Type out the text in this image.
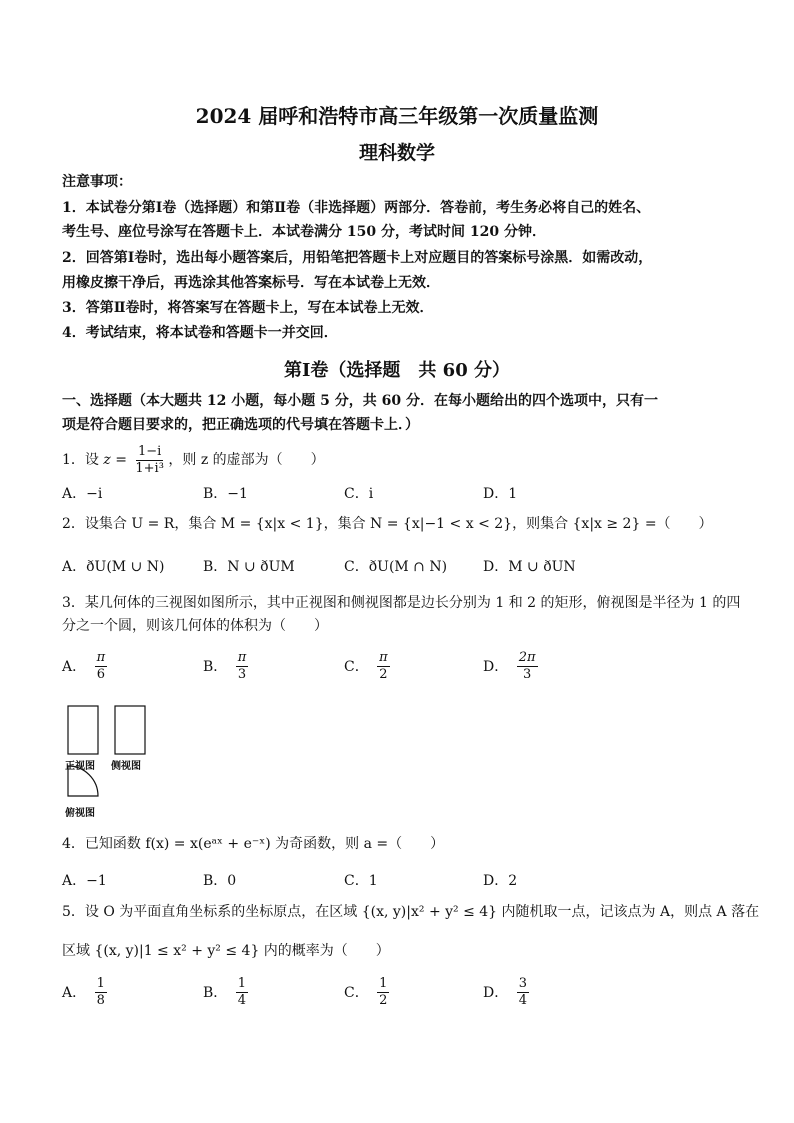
2024 届呼和浩特市高三年级第一次质量监测
理科数学
注意事项：
1．本试卷分第Ⅰ卷（选择题）和第Ⅱ卷（非选择题）两部分．答卷前，考生务必将自己的姓名、
考生号、座位号涂写在答题卡上．本试卷满分 150 分，考试时间 120 分钟．
2．回答第Ⅰ卷时，选出每小题答案后，用铅笔把答题卡上对应题目的答案标号涂黑．如需改动，
用橡皮擦干净后，再选涂其他答案标号．写在本试卷上无效．
3．答第Ⅱ卷时，将答案写在答题卡上，写在本试卷上无效．
4．考试结束，将本试卷和答题卡一并交回．
第Ⅰ卷（选择题　共 60 分）
一、选择题（本大题共 12 小题，每小题 5 分，共 60 分．在每小题给出的四个选项中，只有一
项是符合题目要求的，把正确选项的代号填在答题卡上．）
1．设 $z = \frac{1-i}{\text{1+i³}}$ ，则 z 的虚部为（　　）
A．−i	B．−1	C．i	D．1
2．设集合 U = R，集合 M = {x|x < 1}，集合 N = {x|−1 < x < 2}，则集合 {x|x ≥ 2} =（　　）
A．ðU(M ∪ N)	B．N ∪ ðUM	C．ðU(M ∩ N)	D．M ∪ ðUN
3．某几何体的三视图如图所示，其中正视图和侧视图都是边长分别为 1 和 2 的矩形，俯视图是半径为 1 的四
分之一个圆，则该几何体的体积为（　　）
A． $\frac{\pi}{6}$	B． $\frac{\pi}{3}$	C． $\frac{\pi}{2}$	D． $\frac{2\pi}{3}$
正视图 侧视图
俯视图
4．已知函数 f(x) = x(eᵃˣ + e⁻ˣ) 为奇函数，则 a =（　　）
A．−1	B．0	C．1	D．2
5．设 O 为平面直角坐标系的坐标原点，在区域 {(x, y)|x² + y² ≤ 4} 内随机取一点，记该点为 A，则点 A 落在
区域 {(x, y)|1 ≤ x² + y² ≤ 4} 内的概率为（　　）
A． $\frac{1}{8}$	B． $\frac{1}{4}$	C． $\frac{1}{2}$	D． $\frac{3}{4}$
